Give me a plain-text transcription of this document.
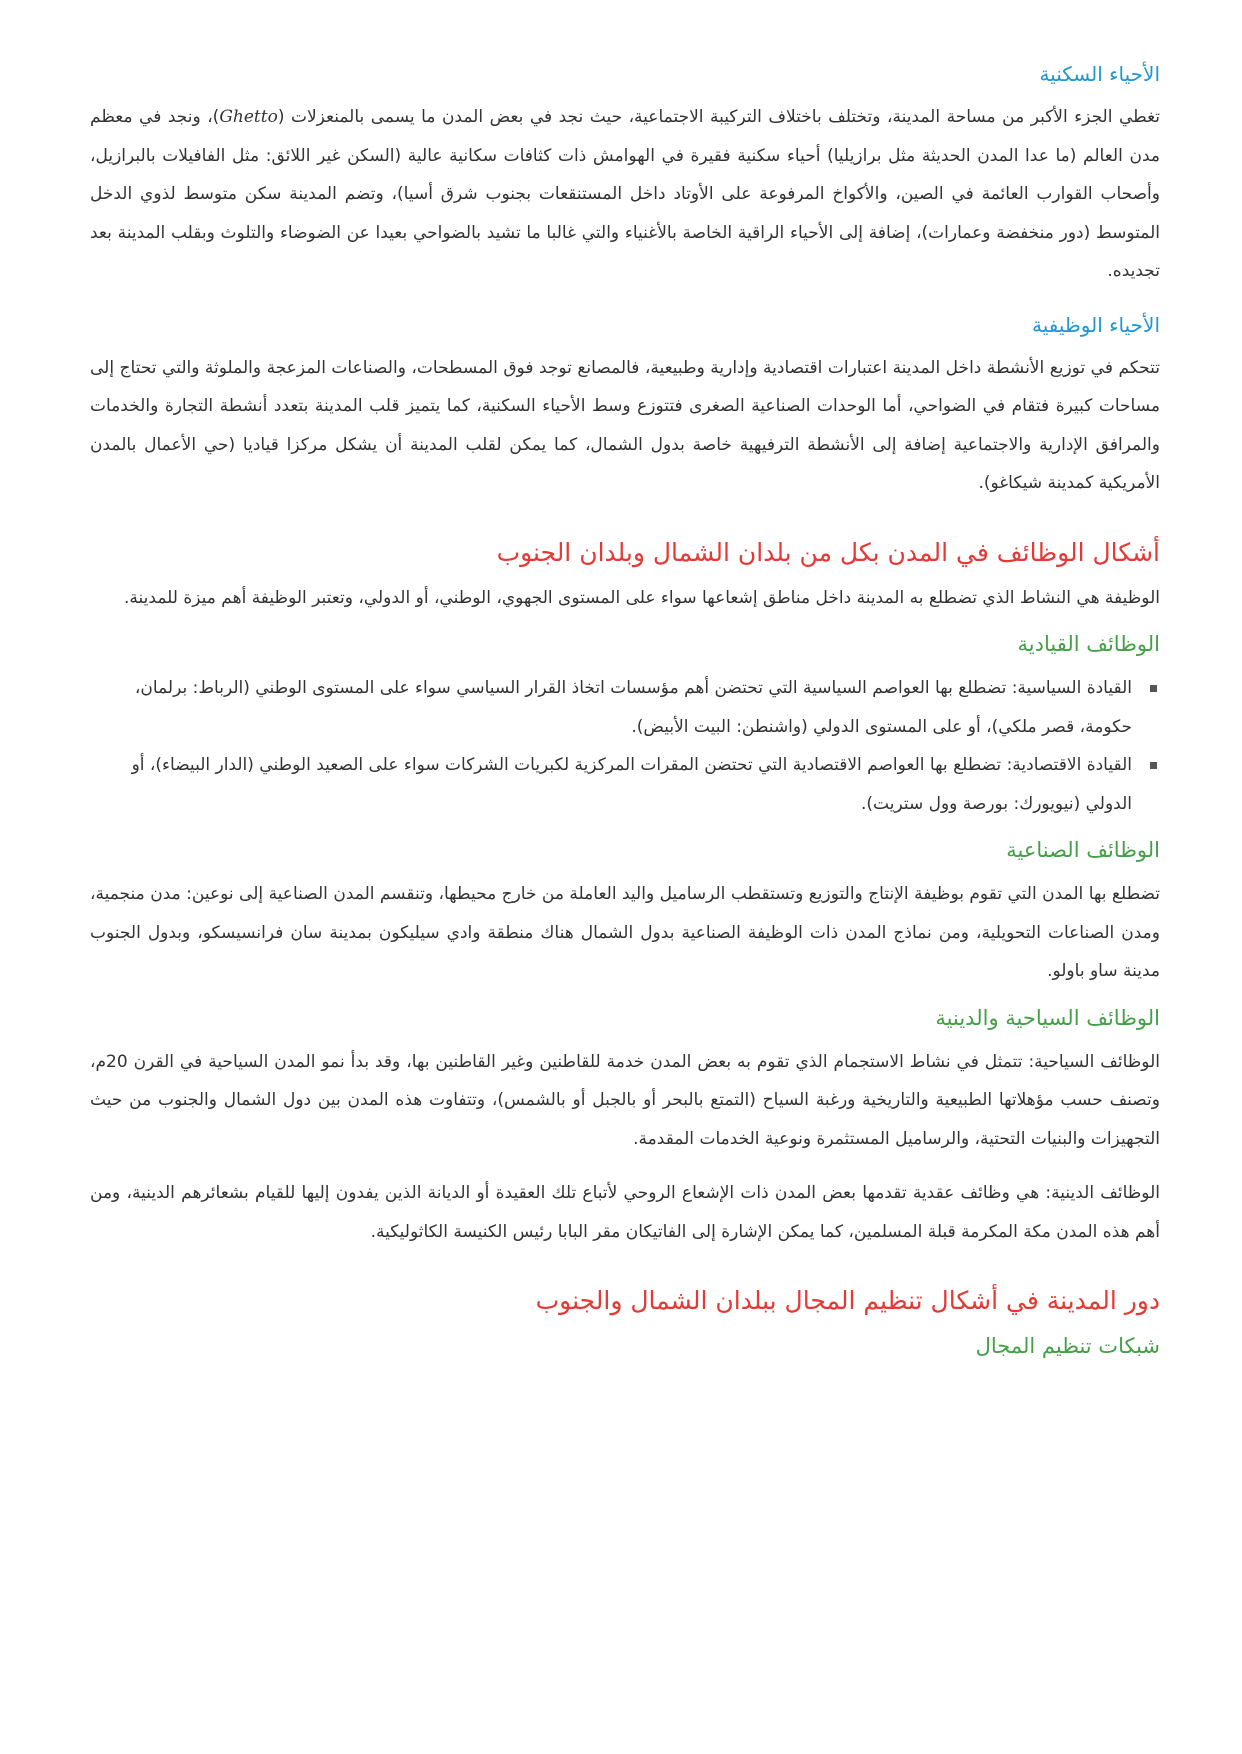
الأحياء السكنية

تغطي الجزء الأكبر من مساحة المدينة، وتختلف باختلاف التركيبة الاجتماعية، حيث نجد في بعض المدن ما يسمى بالمنعزلات (Ghetto)، ونجد في معظم مدن العالم (ما عدا المدن الحديثة مثل برازيليا) أحياء سكنية فقيرة في الهوامش ذات كثافات سكانية عالية (السكن غير اللائق: مثل الفافيلات بالبرازيل، وأصحاب القوارب العائمة في الصين، والأكواخ المرفوعة على الأوتاد داخل المستنقعات بجنوب شرق أسيا)، وتضم المدينة سكن متوسط لذوي الدخل المتوسط (دور منخفضة وعمارات)، إضافة إلى الأحياء الراقية الخاصة بالأغنياء والتي غالبا ما تشيد بالضواحي بعيدا عن الضوضاء والتلوث وبقلب المدينة بعد تجديده.

الأحياء الوظيفية

تتحكم في توزيع الأنشطة داخل المدينة اعتبارات اقتصادية وإدارية وطبيعية، فالمصانع توجد فوق المسطحات، والصناعات المزعجة والملوثة والتي تحتاج إلى مساحات كبيرة فتقام في الضواحي، أما الوحدات الصناعية الصغرى فتتوزع وسط الأحياء السكنية، كما يتميز قلب المدينة بتعدد أنشطة التجارة والخدمات والمرافق الإدارية والاجتماعية إضافة إلى الأنشطة الترفيهية خاصة بدول الشمال، كما يمكن لقلب المدينة أن يشكل مركزا قياديا (حي الأعمال بالمدن الأمريكية كمدينة شيكاغو).

أشكال الوظائف في المدن بكل من بلدان الشمال وبلدان الجنوب

الوظيفة هي النشاط الذي تضطلع به المدينة داخل مناطق إشعاعها سواء على المستوى الجهوي، الوطني، أو الدولي، وتعتبر الوظيفة أهم ميزة للمدينة.

الوظائف القيادية
القيادة السياسية: تضطلع بها العواصم السياسية التي تحتضن أهم مؤسسات اتخاذ القرار السياسي سواء على المستوى الوطني (الرباط: برلمان، حكومة، قصر ملكي)، أو على المستوى الدولي (واشنطن: البيت الأبيض).
القيادة الاقتصادية: تضطلع بها العواصم الاقتصادية التي تحتضن المقرات المركزية لكبريات الشركات سواء على الصعيد الوطني (الدار البيضاء)، أو الدولي (نيويورك: بورصة وول ستريت).
الوظائف الصناعية

تضطلع بها المدن التي تقوم بوظيفة الإنتاج والتوزيع وتستقطب الرساميل واليد العاملة من خارج محيطها، وتنقسم المدن الصناعية إلى نوعين: مدن منجمية، ومدن الصناعات التحويلية، ومن نماذج المدن ذات الوظيفة الصناعية بدول الشمال هناك منطقة وادي سيليكون بمدينة سان فرانسيسكو، وبدول الجنوب مدينة ساو باولو.

الوظائف السياحية والدينية

الوظائف السياحية: تتمثل في نشاط الاستجمام الذي تقوم به بعض المدن خدمة للقاطنين وغير القاطنين بها، وقد بدأ نمو المدن السياحية في القرن 20م، وتصنف حسب مؤهلاتها الطبيعية والتاريخية ورغبة السياح (التمتع بالبحر أو بالجبل أو بالشمس)، وتتفاوت هذه المدن بين دول الشمال والجنوب من حيث التجهيزات والبنيات التحتية، والرساميل المستثمرة ونوعية الخدمات المقدمة.

الوظائف الدينية: هي وظائف عقدية تقدمها بعض المدن ذات الإشعاع الروحي لأتباع تلك العقيدة أو الديانة الذين يفدون إليها للقيام بشعائرهم الدينية، ومن أهم هذه المدن مكة المكرمة قبلة المسلمين، كما يمكن الإشارة إلى الفاتيكان مقر البابا رئيس الكنيسة الكاثوليكية.

دور المدينة في أشكال تنظيم المجال ببلدان الشمال والجنوب
شبكات تنظيم المجال
